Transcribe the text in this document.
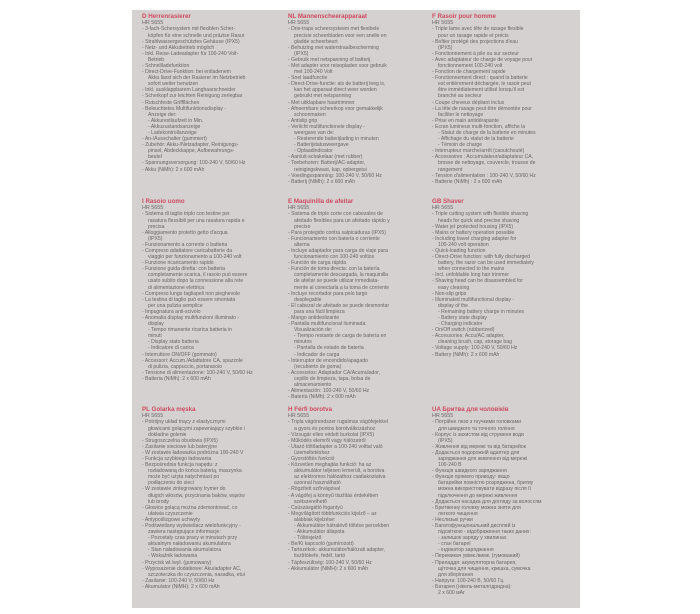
D Herrenrasierer
HR 5655
- 3-fach-Schersystem mit flexiblen Scher-
köpfen für eine schnelle und präzise Rasur
- Strahlwassergeschütztes Gehäuse (IPX5)
- Netz- und Akkubetrieb möglich
- Inkl. Reise-Ladeadapter für 100-240 Volt-
Betrieb
- Schnellladefunktion
- Direct-Drive-Funktion: bei entladenem
Akku lässt sich der Rasierer im Netzbetrieb
sofort weiter benutzen
- Inkl. ausklappbarem Langhaarschneider
- Scherkopf zur leichten Reinigung zerlegbar
- Rutschfeste Griffflächen
- Beleuchtetes Multifunktionsdisplay -
Anzeige der:
- Akkurestlaufzeit in Min.
- Akkuzustandsanzeige
- Ladekontrollanzeige
- An-/Ausschalter (gummiert)
- Zubehör: Akku-/Netzadapter, Reinigungs-
pinsel, Abdeckkappe, Aufbewahrungs-
beutel
- Spannungsversorgung: 100-240 V, 50/60 Hz
- Akku (NiMh): 2 x 600 mAh
I Rasoio uomo
HR 5655
- Sistema di taglio triplo con testine per
rasatura flessibili per una rasatura rapida e
precisa
- Alloggiamento protetto getto d'acqua
(IPX5)
- Funzionamento a corrente o batteria
- Compreso adattatore caricabatterie da
viaggio per funzionamento a 100-240 volt
- Funzione ricaricamento rapido
- Funzione guida diretta: con batteria
completamente scarica, il rasoio può essere
usato subito dopo la connessione alla rete
di alimentazione elettrica
- Compreso lungo tagliapeli non pieghevole
- La testina di taglio può essere smontata
per una pulizia semplice
- Impugnatura anti-scivolo
- Anomalia display multifunzioni illuminato -
display
- Tempo rimanente ricarica batteria in
minuti
- Display stato batteria
- Indicatore di carica
- Interruttore ON/OFF (gommato)
- Accessori: Accum./Adattatore CA, spazzole
di pulizia, cappuccio, portarasoio
- Tensione di alimentazione: 100-240 V, 50/60 Hz
- Batteria (NiMh): 2 x 600 mAh
PL Golarka męska
HR 5655
- Potrójny układ tnący z elastycznymi
głowicami golącymi zapewniający szybkie i
dokładne golenie
- Strugoszczelna obudowa (IPX5)
- Zasilanie sieciowe lub bateryjne
- W zestawie ładowarka podróżna 100-240 V
- Funkcja szybkiego ładowania
- Bezpośrednia funkcja napędu: z
rozładowaną do końca baterią, maszynka
może być użyta natychmiast po
podłączeniu do sieci
- W zestawie zintegrowany trymer do
długich włosów, przycinania baków, wąsów
lub brody
- Głowice golącą można zdemontować, co
ułatwia czyszczenie
- Antypoślizgowe uchwyty
- Podświetlany wyświetlacz wielofunkcyjny -
zawiera następujące informacje:
- Pozostały czas pracy w minutach przy
aktualnym naładowaniu akumulatora
- Stan naładowania akumulatora
- Wskaźnik ładowania
- Przycisk wł./wył. (gumowany)
- Wyposażenie dodatkowe: Aku/adapter AC,
szczoteczka do czyszczenia, nasadka, etui
- Zasilanie: 100-240 V, 50/60 Hz
- Akumulator (NiMH): 2 x 600 mAh
NL Mannenscheerapparaat
HR 5655
- Drie-traps scheersysteem met flexibele
precisie scheerbladen voor een snelle en
gladde scheerbeurt
- Behuizing met waterstraalbescherming
(IPX5)
- Gebruik met netspanning of batterij
- Met adapter voor reisopladen voor gebruik
met 100-240 Volt
- Snel laadfunctie
- Direct-Drive-functie: als de batterij leeg is,
kan het apparaat direct weer worden
gebruikt met netspanning
- Met uitklapbare haartrimmer
- Afneembare scheerkop voor gemakkelijk
schoonmaken
- Antislip grip
- Verlicht multifunctionele display -
weergave van de:
- Resterende batterijlading in minuten
- Batterijstatusweergave
- Oplaadindicator
- Aan/uit-schakelaar (met rubber)
- Toebehoren: Batterij/AC-adapter,
reinigingskwast, kap, opbergetui
- Voedingsspanning: 100-240 V, 50/60 Hz
- Batterij (NiMh): 2 x 600 mAh
E Maquinilla de afeitar
HR 5655
- Sistema de triple corte con cabezales de
afeitado flexibles para un afeitado rápido y
preciso
- Para protegido contra salpicaduras (IPX5)
- Funcionamiento con batería o corriente
alterna
- Incluye adaptador para carga de viaje para
funcionamiento con 100-240 voltios
- Función de carga rápida
- Función de toma directa: con la batería
completamente descargada, la maquinilla
de afeitar se puede utilizar inmediata-
mente al conectarla a la toma de corriente
- Incluye recortador para pelo largo
desplegable
- El cabezal de afeitado se puede desmontar
para una fácil limpieza
- Mango antideslizante
- Pantalla multifuncional iluminada:
Visualización de:
- Tiempo restante de carga de batería en
minutos
- Pantalla de estado de batería
- Indicador de carga
- Interruptor de encendido/apagado
(recubierto de goma)
- Accesorios: Adaptador CA/Acumulador,
cepillo de limpieza, tapa, bolsa de
almacenamiento
- Alimentación: 100-240 V, 50/60 Hz
- Batería (NiMh): 2 x 600 mAh
H Férfi borotva
HR 5655
- Tripla vágórendszer rugalmas vágófejekkel
a gyors és pontos borotválkozáshoz
- Vízsugár ellen védett burkolat (IPX5)
- Működés elemről vagy hálózatról
- Utazó töltőadapter a 100-240 volttal való
üzemeltetéshez
- Gyorstöltés funkció
- Közvetlen meghajtás funkció: ha az
akkumulátor teljesen lemerült, a borotva
az elektromos hálózathoz csatlakoztatva
azonnal használható
- Rögzített szőrvágóval
- A vágófej a könnyű tisztítás érdekében
szétszerelhető
- Csúszásgátló fogantyú
- Megvilágított többfunkciós kijelző – az
alábbiak kijelzése:
- Akkumulátor hátralévő töltése percekben
- Akkumulátor állapota
- Töltésjelző
- Be/Ki kapcsoló (gumírozott)
- Tartozékok: akkumulátor/hálózati adapter,
tisztítókefe, fedél, tartó
- Tápfeszültség: 100-240 V, 50/60 Hz
- Akkumulátor (NiMH): 2 x 600 mAh
F Rasoir pour homme
HR 5655
- Triple lame avec tête de rasage flexible
pour un rasage rapide et précis
- Boîtier protégé des projections d'eau
(IPX5)
- Fonctionnement à pile ou sur secteur
- Avec adaptateur de charge de voyage pour
fonctionnement 100-240 volt
- Fonction de chargement rapide
- Fonctionnement direct : quand la batterie
est entièrement déchargée, le rasoir peut
être immédiatement utilisé lorsqu'il est
branché au secteur
- Coupe cheveux dépliant inclus
- La tête de rasage peut être démontée pour
faciliter le nettoyage
- Prise en main antidérapante
- Écran lumineux multi-fonction, affiche la
- Statut de charge de la batterie en minutes
- Affichage du statut de la batterie
- Témoin de charge
- Interrupteur marche/arrêt (caoutchouté)
- Accessoires : Accumulateur/adaptateur CA,
brosse de nettoyage, couvercle, trousse de
rangement
- Tension d'alimentation : 100-240 V, 50/60 Hz
- Batterie (NiMh) : 2 x 600 mAh
GB Shaver
HR 5655
- Triple cutting system with flexible shaving
heads for quick and precise shaving
- Water jet protected housing (IPX5)
- Mains or battery operation possible
- Including travel charging adapter for
100-240 volt operation
- Quick-loading function
- Direct-Drive function: with fully discharged
battery, the razor can be used immediately
when connected to the mains
- Incl. unfoldable long hair trimmer
- Shaving head can be disassembled for
easy cleaning
- Non-slip grips
- Illuminated multifunctional display -
display of the
- Remaining battery charge in minutes
- Battery state display
- Charging indicator
- On/Off switch (rubberized)
- Accessories: Accu/AC adapter,
cleaning brush, cap, storage bag
- Voltage supply: 100-240 V, 50/60 Hz
- Battery (NiMh): 2 x 600 mAh
UA Бритва для чоловіків
HR 5655
- Потрійне лезо з гнучкими головками
для швидкого та точного гоління
- Корпус із захистом від струменя води
(IPX5)
- Живлення від мережі та від батарейок
- Додається подорожній адаптер для
заряджання для живлення від мережі
100-240 В
- Функція швидкого заряджання
- Функція прямого приводу: якщо
батарейки повністю розряджена, бритву
можна використовувати відразу після її
підключення до мережі живлення
- Додається насадка для догляду за волоссям
- Бритвенну головку можна зняти для
легкого чищення
- Неслизькі ручки
- Багатофункціональний дисплей із
підсвіткою - відображення таких даних:
- залишок заряду у хвилинах
- стан батареї
- індикатор заряджання
- Перемикач увімк./вимк. (гумований)
- Приладдя: акумуляторна батарея,
щіточка для чищення, кришка, сумочка
для зберігання
- Напруга: 100-240 В, 50/60 Гц
- Батарея (нікель-металгідридна):
2 х 600 мАг
